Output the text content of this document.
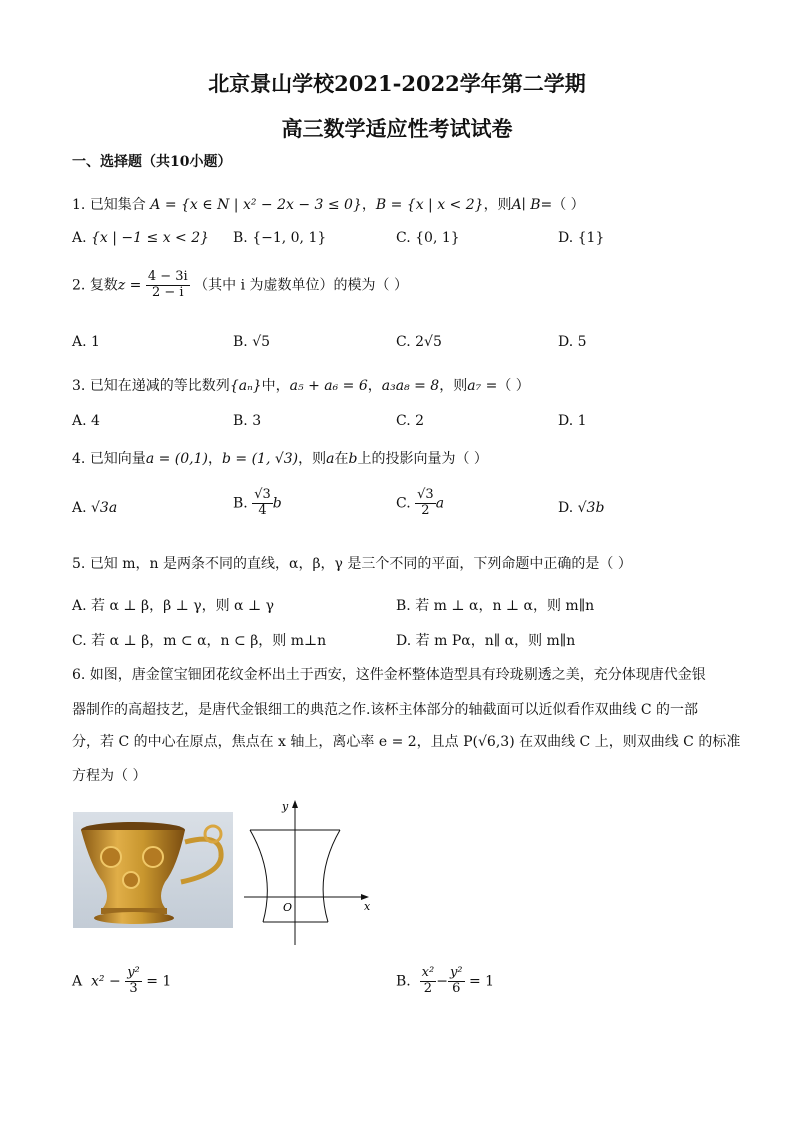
北京景山学校2021-2022学年第二学期
高三数学适应性考试试卷
一、选择题（共10小题）
1. 已知集合 A = {x ∈ N | x² − 2x − 3 ≤ 0}，B = {x | x < 2}，则A∣ B=（ ）
A. {x | −1 ≤ x < 2} B. {−1, 0, 1}	C. {0, 1}	D. {1}
2. 复数$z = \frac{4 - 3i}{2 - i}$ （其中 i 为虚数单位）的模为（ ）
A. 1	B. √5	C. 2√5	D. 5
3. 已知在递减的等比数列{aₙ}中，a₅ + a₆ = 6，a₃a₈ = 8，则a₇ =（ ）
A. 4	B. 3	C. 2	D. 1
4. 已知向量a = (0,1)，b = (1, √3)，则a在b上的投影向量为（ ）
A. √3a	B. $\frac{√3}{4}$ b	C. $\frac{√3}{2}$ a	D. √3b
5. 已知 m，n 是两条不同的直线，α，β，γ 是三个不同的平面，下列命题中正确的是（ ）
A. 若 α ⊥ β，β ⊥ γ，则 α ⊥ γ	B. 若 m ⊥ α，n ⊥ α，则 m∥n
C. 若 α ⊥ β，m ⊂ α，n ⊂ β，则 m⊥n	D. 若 m Pα，n∥ α，则 m∥n
6. 如图，唐金筐宝钿团花纹金杯出土于西安，这件金杯整体造型具有玲珑剔透之美，充分体现唐代金银
器制作的高超技艺，是唐代金银细工的典范之作.该杯主体部分的轴截面可以近似看作双曲线 C 的一部
分，若 C 的中心在原点，焦点在 x 轴上，离心率 e = 2，且点 P(√6,3) 在双曲线 C 上，则双曲线 C 的标准
方程为（ ）
y
x
O
A $x^2 - \frac{\text{y²}}{3} = 1$	B. $\frac{\text{x²}}{2} - \frac{\text{y²}}{6} = 1$
